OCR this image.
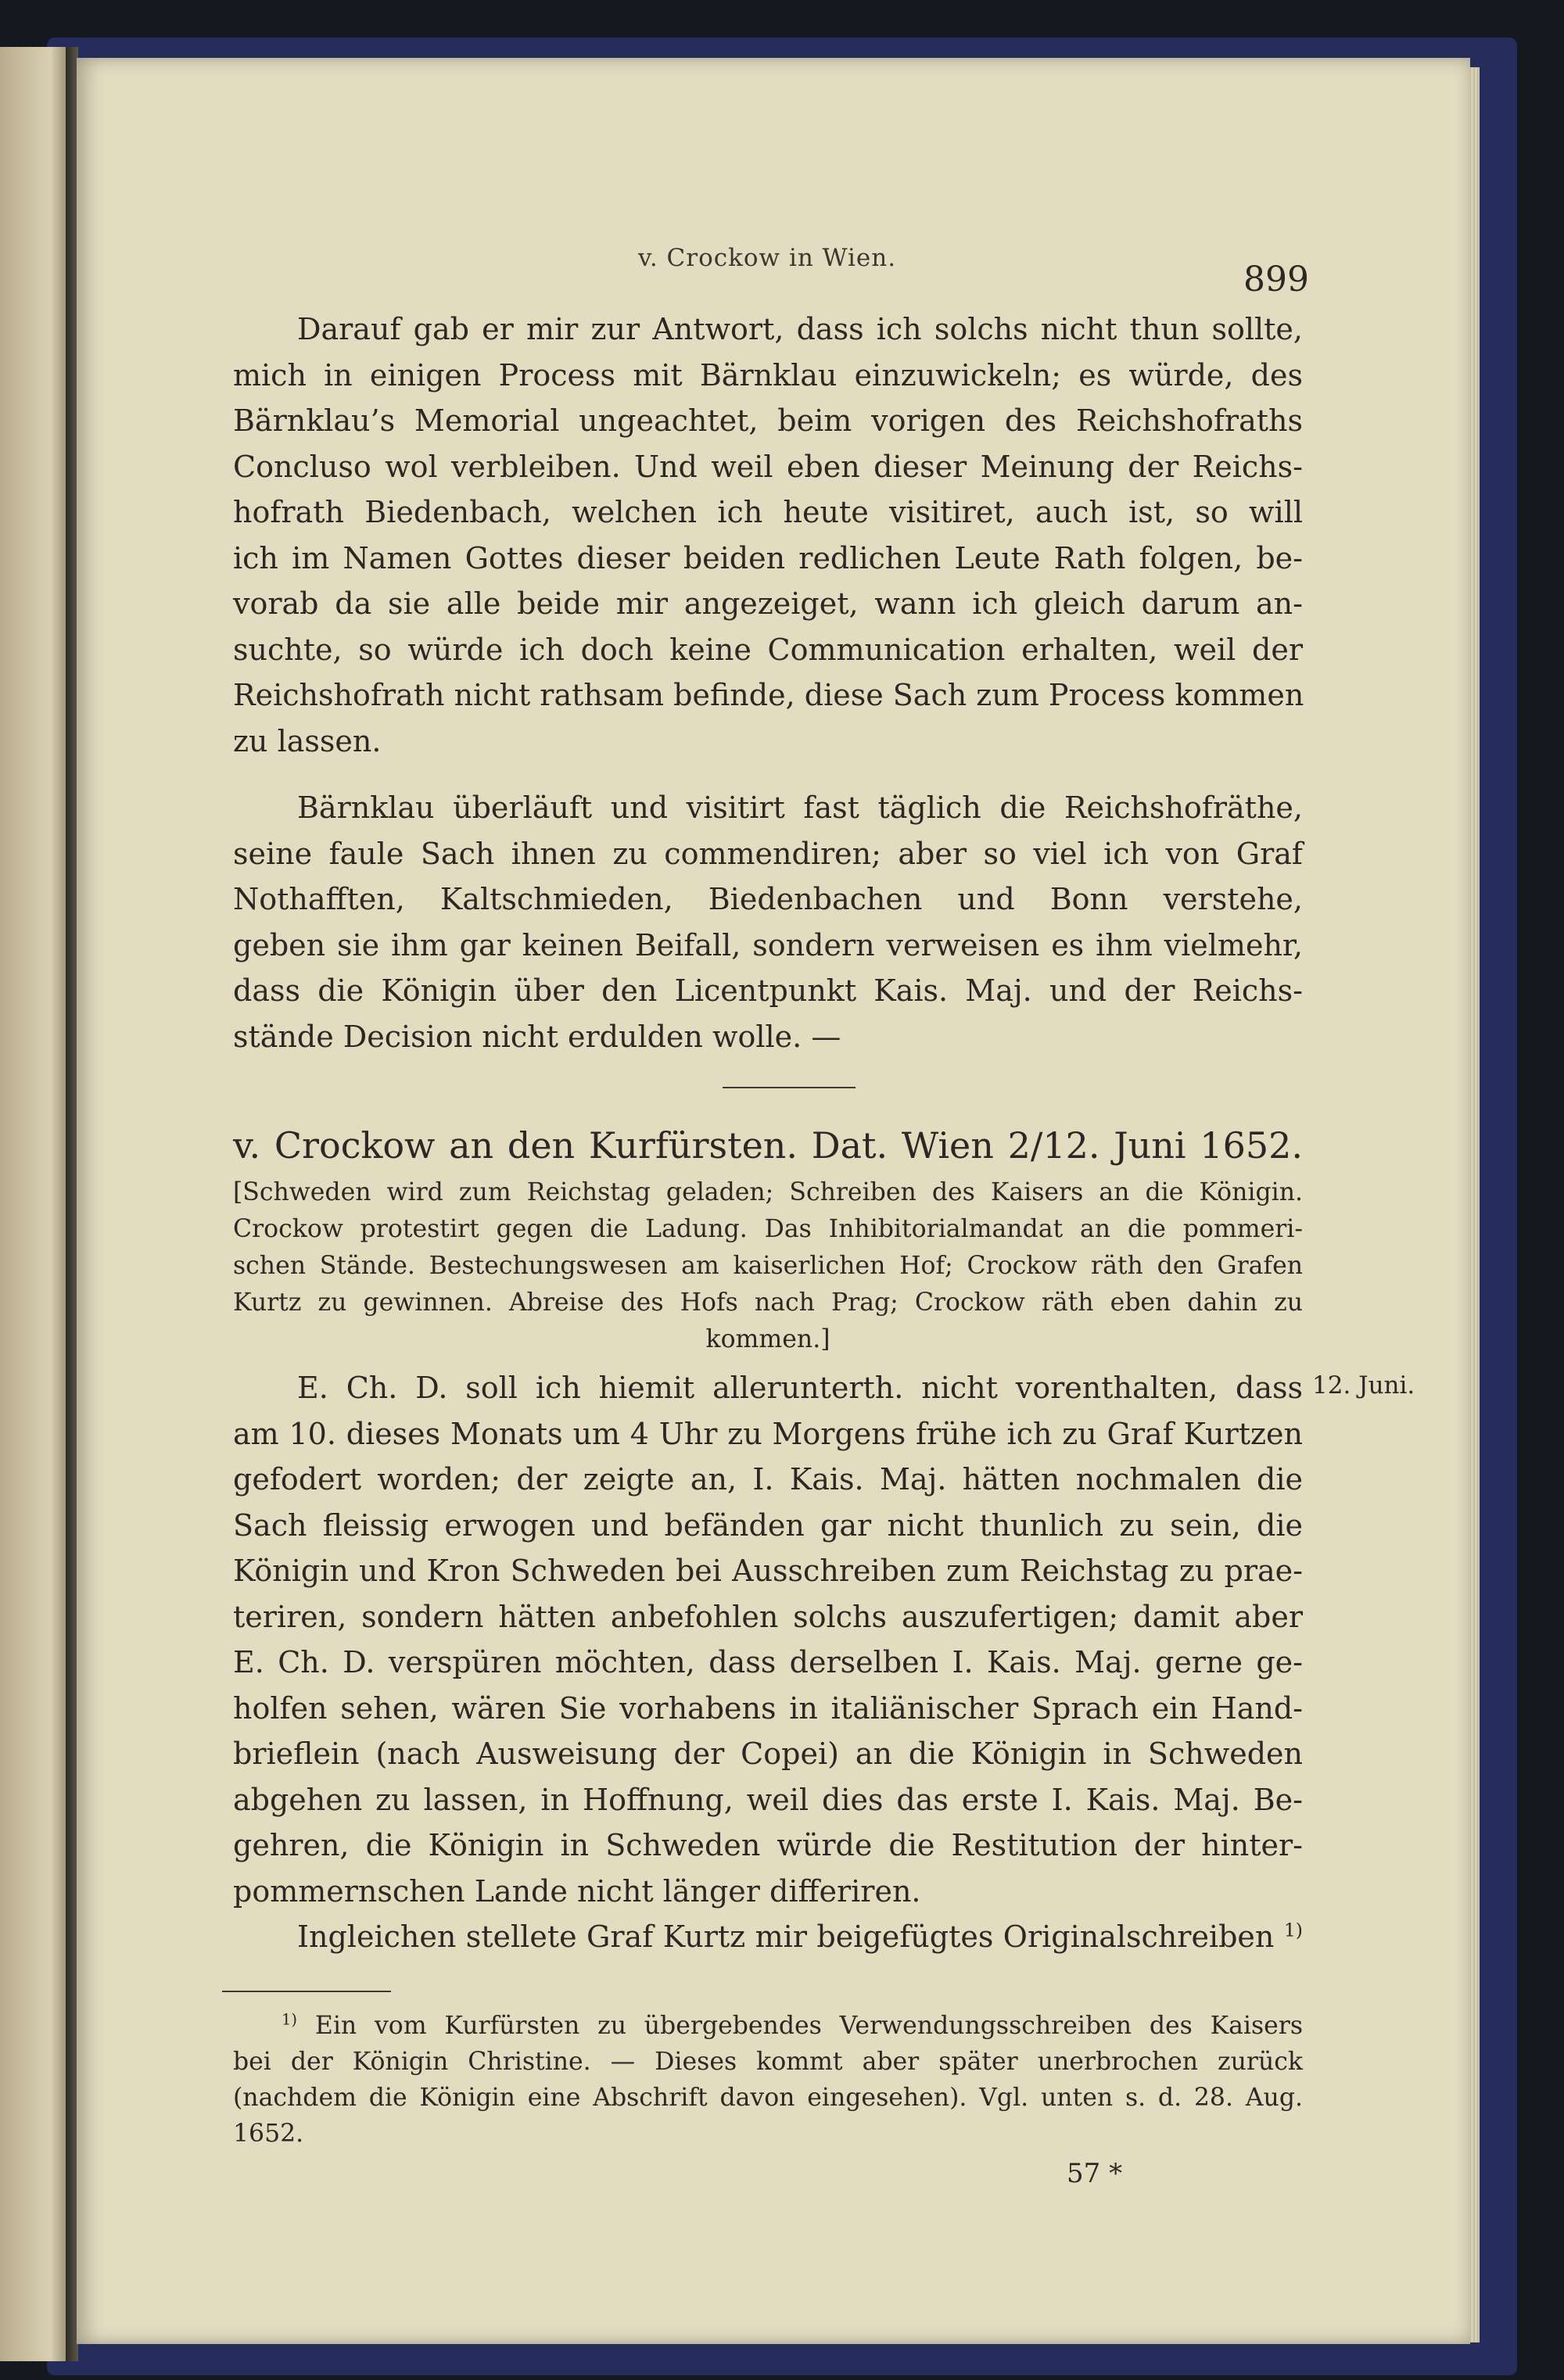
v. Crockow in Wien.
899
Darauf gab er mir zur Antwort, dass ich solchs nicht thun sollte,
mich in einigen Process mit Bärnklau einzuwickeln; es würde, des
Bärnklau’s Memorial ungeachtet, beim vorigen des Reichshofraths
Concluso wol verbleiben. Und weil eben dieser Meinung der Reichs-
hofrath Biedenbach, welchen ich heute visitiret, auch ist, so will
ich im Namen Gottes dieser beiden redlichen Leute Rath folgen, be-
vorab da sie alle beide mir angezeiget, wann ich gleich darum an-
suchte, so würde ich doch keine Communication erhalten, weil der
Reichshofrath nicht rathsam befinde, diese Sach zum Process kommen
zu lassen.
Bärnklau überläuft und visitirt fast täglich die Reichshofräthe,
seine faule Sach ihnen zu commendiren; aber so viel ich von Graf
Nothafften, Kaltschmieden, Biedenbachen und Bonn verstehe,
geben sie ihm gar keinen Beifall, sondern verweisen es ihm vielmehr,
dass die Königin über den Licentpunkt Kais. Maj. und der Reichs-
stände Decision nicht erdulden wolle. —
v. Crockow an den Kurfürsten. Dat. Wien 2/12. Juni 1652.
[Schweden wird zum Reichstag geladen; Schreiben des Kaisers an die Königin.
Crockow protestirt gegen die Ladung. Das Inhibitorialmandat an die pommeri-
schen Stände. Bestechungswesen am kaiserlichen Hof; Crockow räth den Grafen
Kurtz zu gewinnen. Abreise des Hofs nach Prag; Crockow räth eben dahin zu
kommen.]
12. Juni.
E. Ch. D. soll ich hiemit allerunterth. nicht vorenthalten, dass
am 10. dieses Monats um 4 Uhr zu Morgens frühe ich zu Graf Kurtzen
gefodert worden; der zeigte an, I. Kais. Maj. hätten nochmalen die
Sach fleissig erwogen und befänden gar nicht thunlich zu sein, die
Königin und Kron Schweden bei Ausschreiben zum Reichstag zu prae-
teriren, sondern hätten anbefohlen solchs auszufertigen; damit aber
E. Ch. D. verspüren möchten, dass derselben I. Kais. Maj. gerne ge-
holfen sehen, wären Sie vorhabens in italiänischer Sprach ein Hand-
brieflein (nach Ausweisung der Copei) an die Königin in Schweden
abgehen zu lassen, in Hoffnung, weil dies das erste I. Kais. Maj. Be-
gehren, die Königin in Schweden würde die Restitution der hinter-
pommernschen Lande nicht länger differiren.
Ingleichen stellete Graf Kurtz mir beigefügtes Originalschreiben $^{1)}$
$^{1)}$ Ein vom Kurfürsten zu übergebendes Verwendungsschreiben des Kaisers
bei der Königin Christine. — Dieses kommt aber später unerbrochen zurück
(nachdem die Königin eine Abschrift davon eingesehen). Vgl. unten s. d. 28. Aug.
1652.
57 *
